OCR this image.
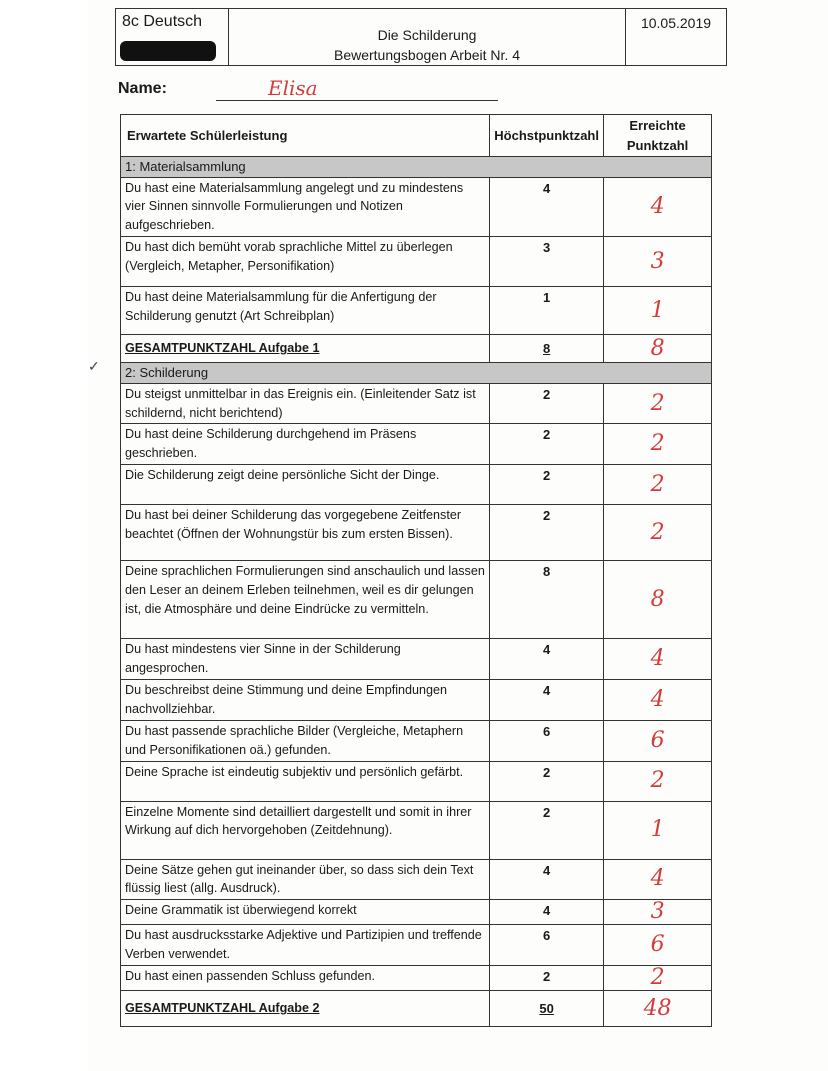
8c Deutsch
Die Schilderung
Bewertungsbogen Arbeit Nr. 4
10.05.2019
Name:	Elisa
✓
Erwartete Schülerleistung	Höchstpunktzahl	Erreichte Punktzahl
1: Materialsammlung		
Du hast eine Materialsammlung angelegt und zu mindestens vier Sinnen sinnvolle Formulierungen und Notizen aufgeschrieben.	4	4
Du hast dich bemüht vorab sprachliche Mittel zu überlegen (Vergleich, Metapher, Personifikation)	3	3
Du hast deine Materialsammlung für die Anfertigung der Schilderung genutzt (Art Schreibplan)	1	1
GESAMTPUNKTZAHL Aufgabe 1	8	8
2: Schilderung		
Du steigst unmittelbar in das Ereignis ein. (Einleitender Satz ist schildernd, nicht berichtend)	2	2
Du hast deine Schilderung durchgehend im Präsens geschrieben.	2	2
Die Schilderung zeigt deine persönliche Sicht der Dinge.	2	2
Du hast bei deiner Schilderung das vorgegebene Zeitfenster beachtet (Öffnen der Wohnungstür bis zum ersten Bissen).	2	2
Deine sprachlichen Formulierungen sind anschaulich und lassen den Leser an deinem Erleben teilnehmen, weil es dir gelungen ist, die Atmosphäre und deine Eindrücke zu vermitteln.	8	8
Du hast mindestens vier Sinne in der Schilderung angesprochen.	4	4
Du beschreibst deine Stimmung und deine Empfindungen nachvollziehbar.	4	4
Du hast passende sprachliche Bilder (Vergleiche, Metaphern und Personifikationen oä.) gefunden.	6	6
Deine Sprache ist eindeutig subjektiv und persönlich gefärbt.	2	2
Einzelne Momente sind detailliert dargestellt und somit in ihrer Wirkung auf dich hervorgehoben (Zeitdehnung).	2	1
Deine Sätze gehen gut ineinander über, so dass sich dein Text flüssig liest (allg. Ausdruck).	4	4
Deine Grammatik ist überwiegend korrekt	4	3
Du hast ausdrucksstarke Adjektive und Partizipien und treffende Verben verwendet.	6	6
Du hast einen passenden Schluss gefunden.	2	2
GESAMTPUNKTZAHL Aufgabe 2	50	48
